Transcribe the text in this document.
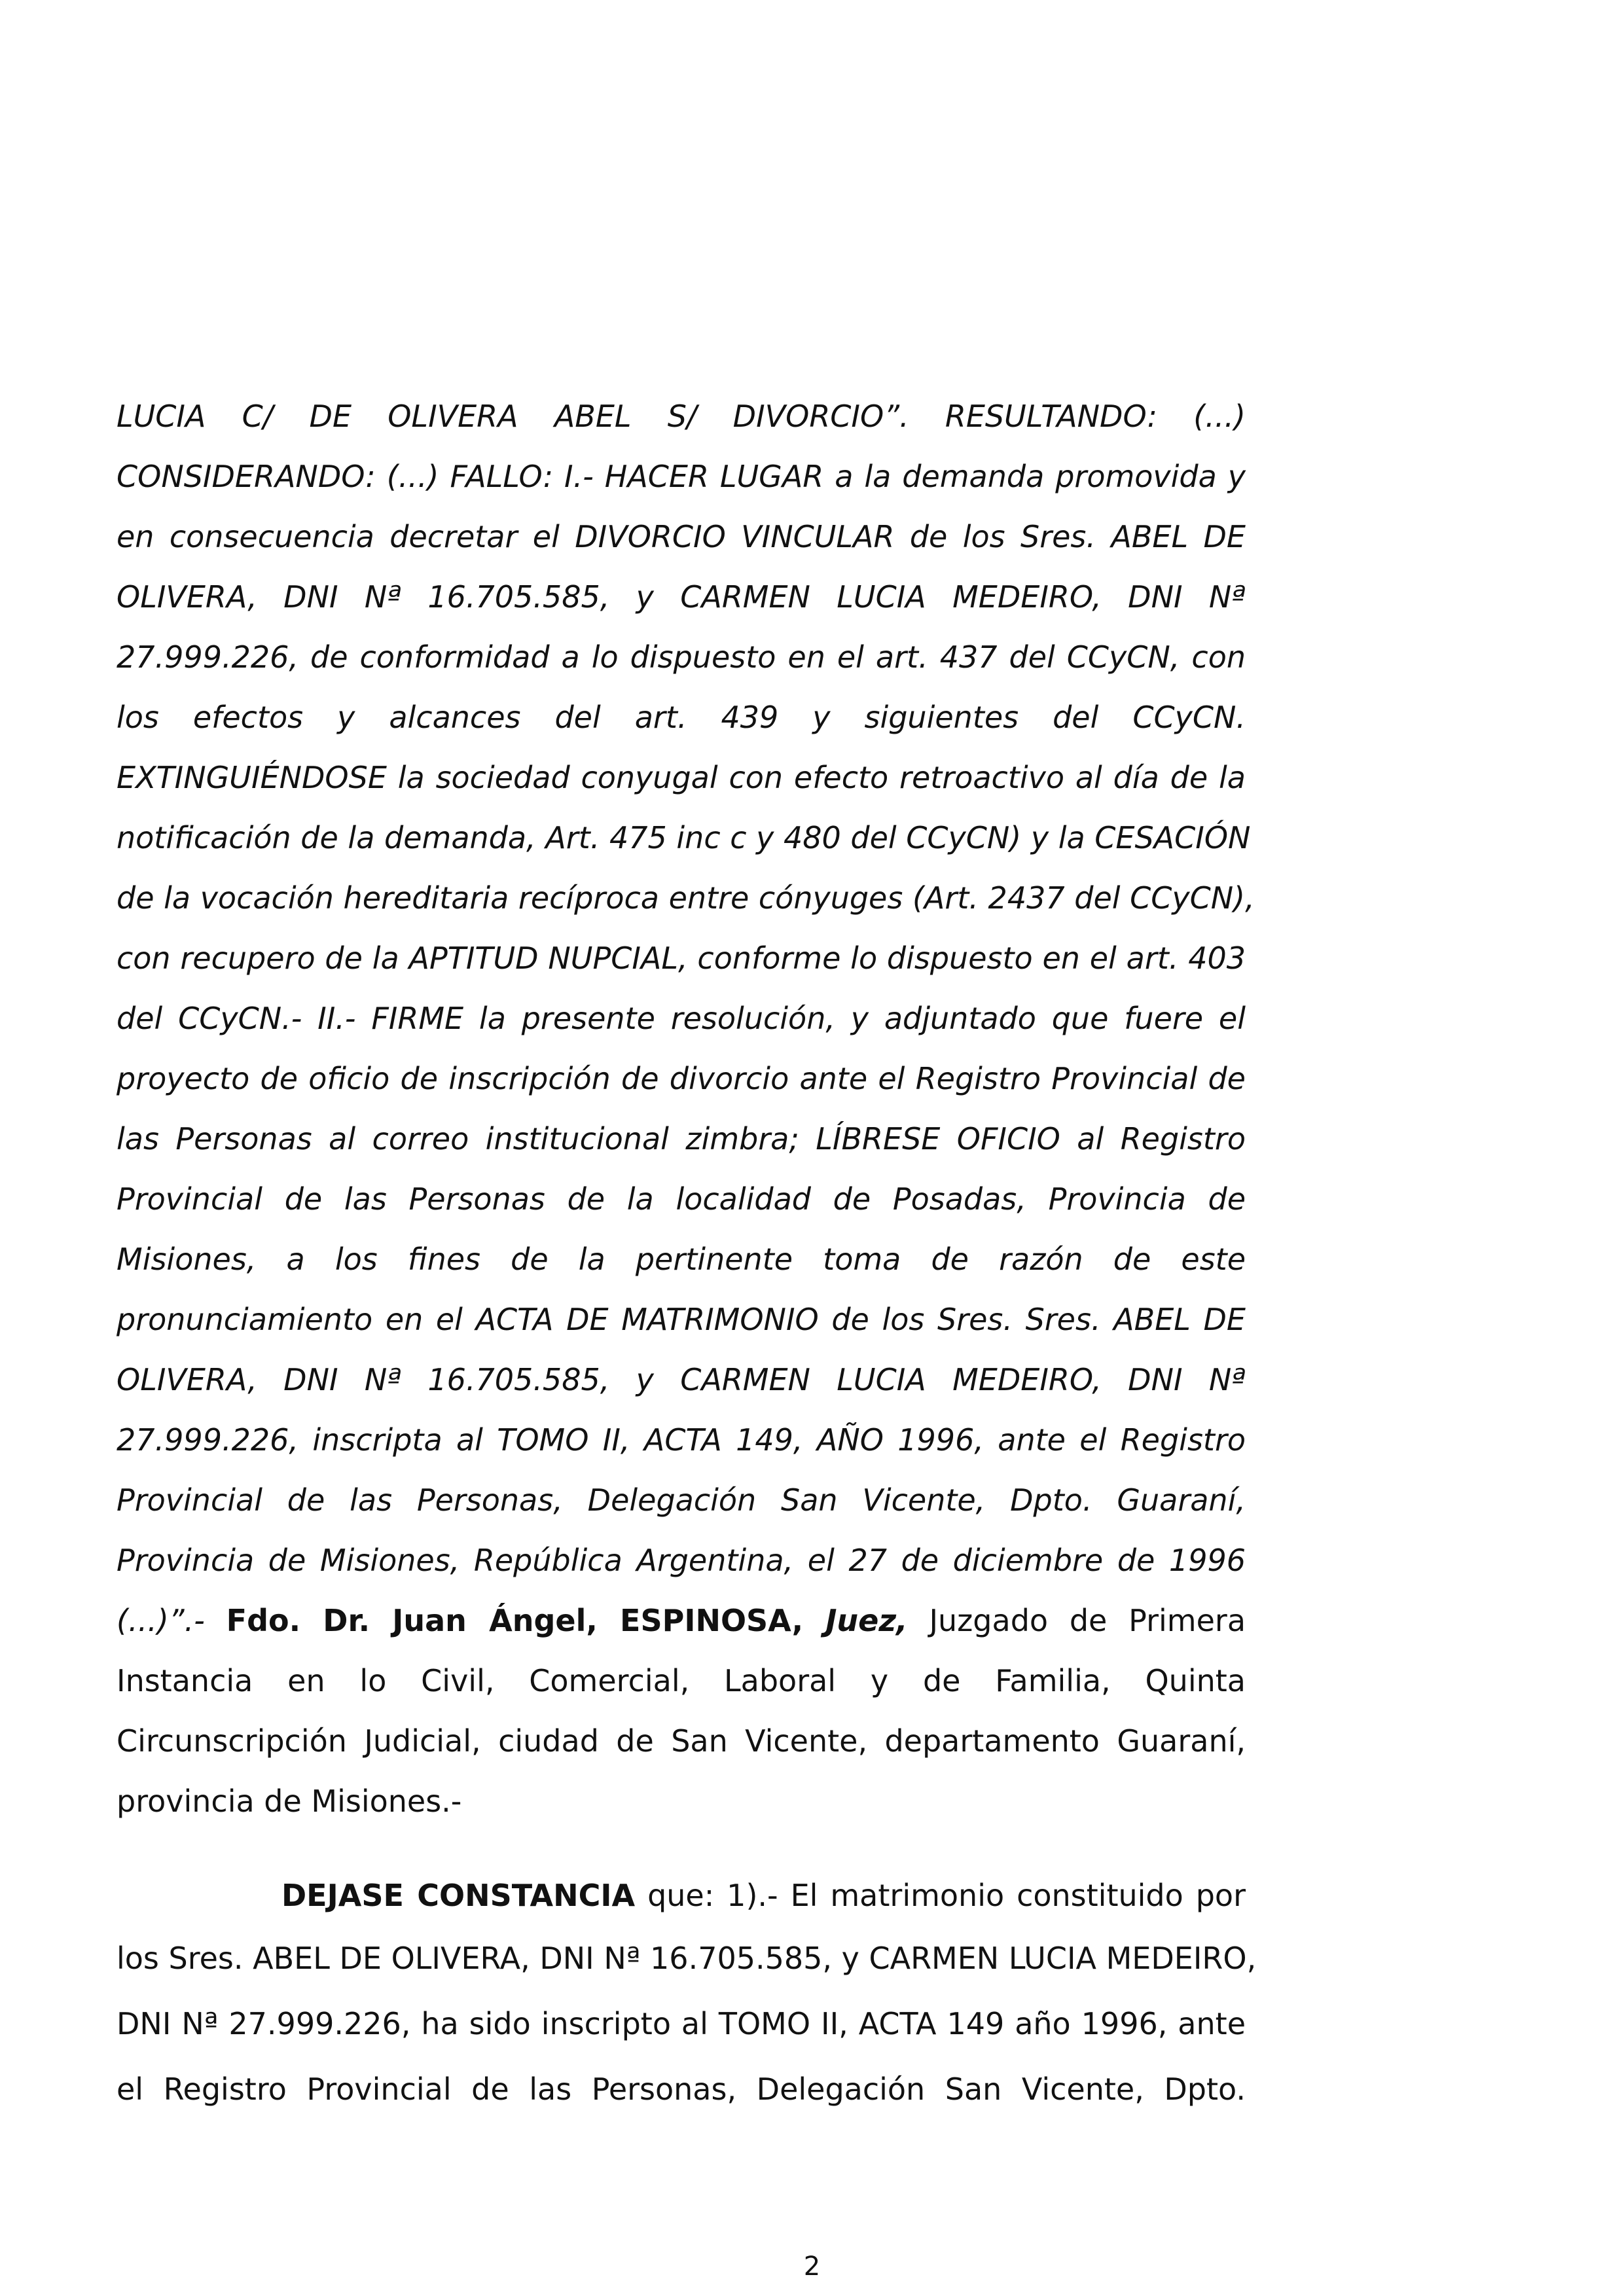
LUCIA C/ DE OLIVERA ABEL S/ DIVORCIO”. RESULTANDO: (...)
CONSIDERANDO: (...) FALLO: I.- HACER LUGAR a la demanda promovida y
en consecuencia decretar el DIVORCIO VINCULAR de los Sres. ABEL DE
OLIVERA, DNI Nª 16.705.585, y CARMEN LUCIA MEDEIRO, DNI Nª
27.999.226, de conformidad a lo dispuesto en el art. 437 del CCyCN, con
los efectos y alcances del art. 439 y siguientes del CCyCN.
EXTINGUIÉNDOSE la sociedad conyugal con efecto retroactivo al día de la
notificación de la demanda, Art. 475 inc c y 480 del CCyCN) y la CESACIÓN
de la vocación hereditaria recíproca entre cónyuges (Art. 2437 del CCyCN),
con recupero de la APTITUD NUPCIAL, conforme lo dispuesto en el art. 403
del CCyCN.- II.- FIRME la presente resolución, y adjuntado que fuere el
proyecto de oficio de inscripción de divorcio ante el Registro Provincial de
las Personas al correo institucional zimbra; LÍBRESE OFICIO al Registro
Provincial de las Personas de la localidad de Posadas, Provincia de
Misiones, a los fines de la pertinente toma de razón de este
pronunciamiento en el ACTA DE MATRIMONIO de los Sres. Sres. ABEL DE
OLIVERA, DNI Nª 16.705.585, y CARMEN LUCIA MEDEIRO, DNI Nª
27.999.226, inscripta al TOMO II, ACTA 149, AÑO 1996, ante el Registro
Provincial de las Personas, Delegación San Vicente, Dpto. Guaraní,
Provincia de Misiones, República Argentina, el 27 de diciembre de 1996
(...)”.- Fdo. Dr. Juan Ángel, ESPINOSA, Juez, Juzgado de Primera
Instancia en lo Civil, Comercial, Laboral y de Familia, Quinta
Circunscripción Judicial, ciudad de San Vicente, departamento Guaraní,
provincia de Misiones.-
DEJASE CONSTANCIA que: 1).- El matrimonio constituido por
los Sres. ABEL DE OLIVERA, DNI Nª 16.705.585, y CARMEN LUCIA MEDEIRO,
DNI Nª 27.999.226, ha sido inscripto al TOMO II, ACTA 149 año 1996, ante
el Registro Provincial de las Personas, Delegación San Vicente, Dpto.
2
